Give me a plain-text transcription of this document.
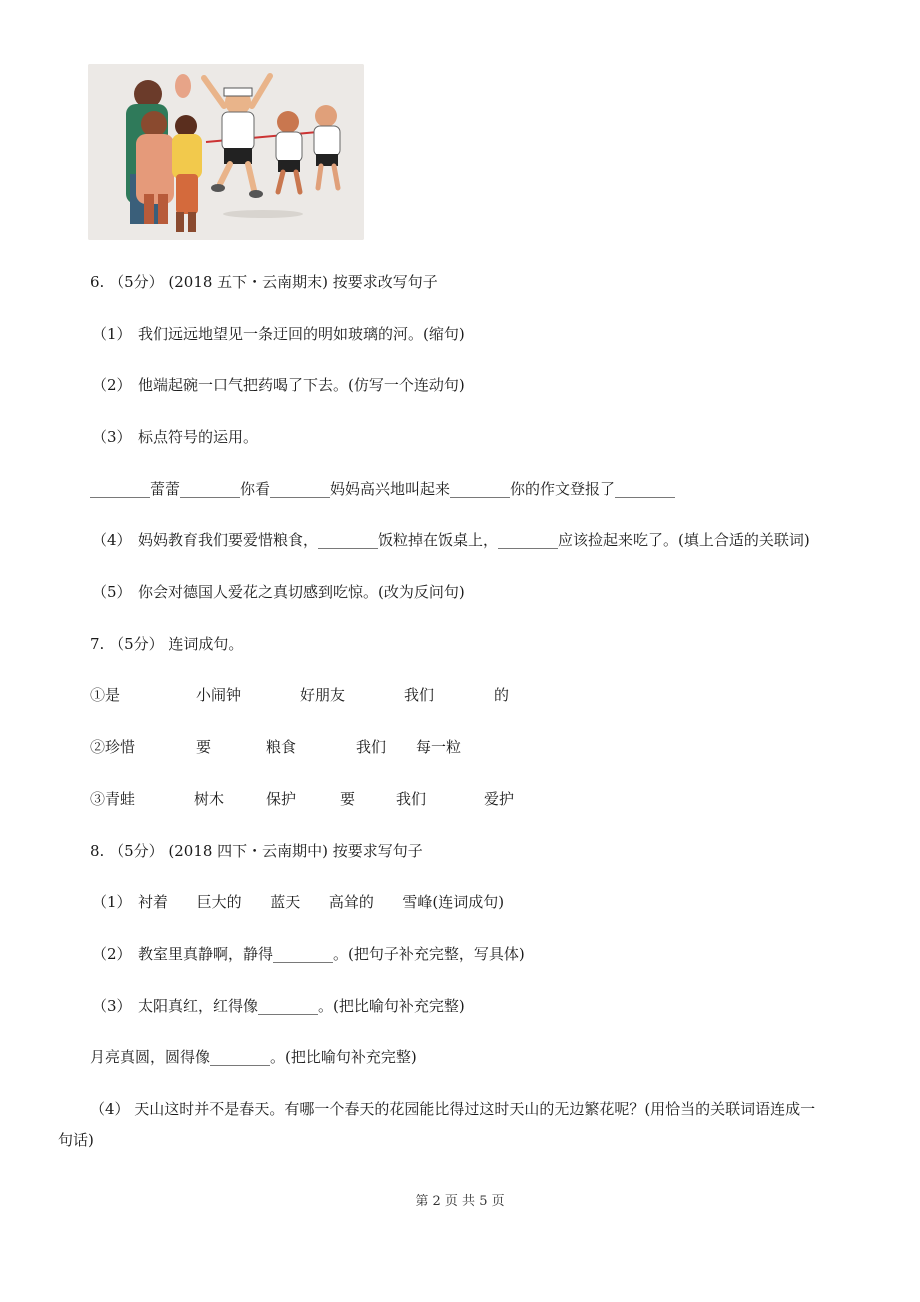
6. （5分） (2018 五下・云南期末) 按要求改写句子
（1） 我们远远地望见一条迂回的明如玻璃的河。(缩句)
（2） 他端起碗一口气把药喝了下去。(仿写一个连动句)
（3） 标点符号的运用。
________蕾蕾________你看________妈妈高兴地叫起来________你的作文登报了________
（4） 妈妈教育我们要爱惜粮食，________饭粒掉在饭桌上，________应该捡起来吃了。(填上合适的关联词)
（5） 你会对德国人爱花之真切感到吃惊。(改为反问句)
7. （5分） 连词成句。
①是	小闹钟	好朋友	我们	的
②珍惜	要	粮食	我们	每一粒
③青蛙	树木	保护	要	我们	爱护
8. （5分） (2018 四下・云南期中) 按要求写句子
（1） 衬着      巨大的      蓝天      高耸的      雪峰(连词成句)
（2） 教室里真静啊，静得________。(把句子补充完整，写具体)
（3） 太阳真红，红得像________。(把比喻句补充完整)
月亮真圆，圆得像________。(把比喻句补充完整)
（4） 天山这时并不是春天。有哪一个春天的花园能比得过这时天山的无边繁花呢？(用恰当的关联词语连成一
句话)
第 2 页 共 5 页
